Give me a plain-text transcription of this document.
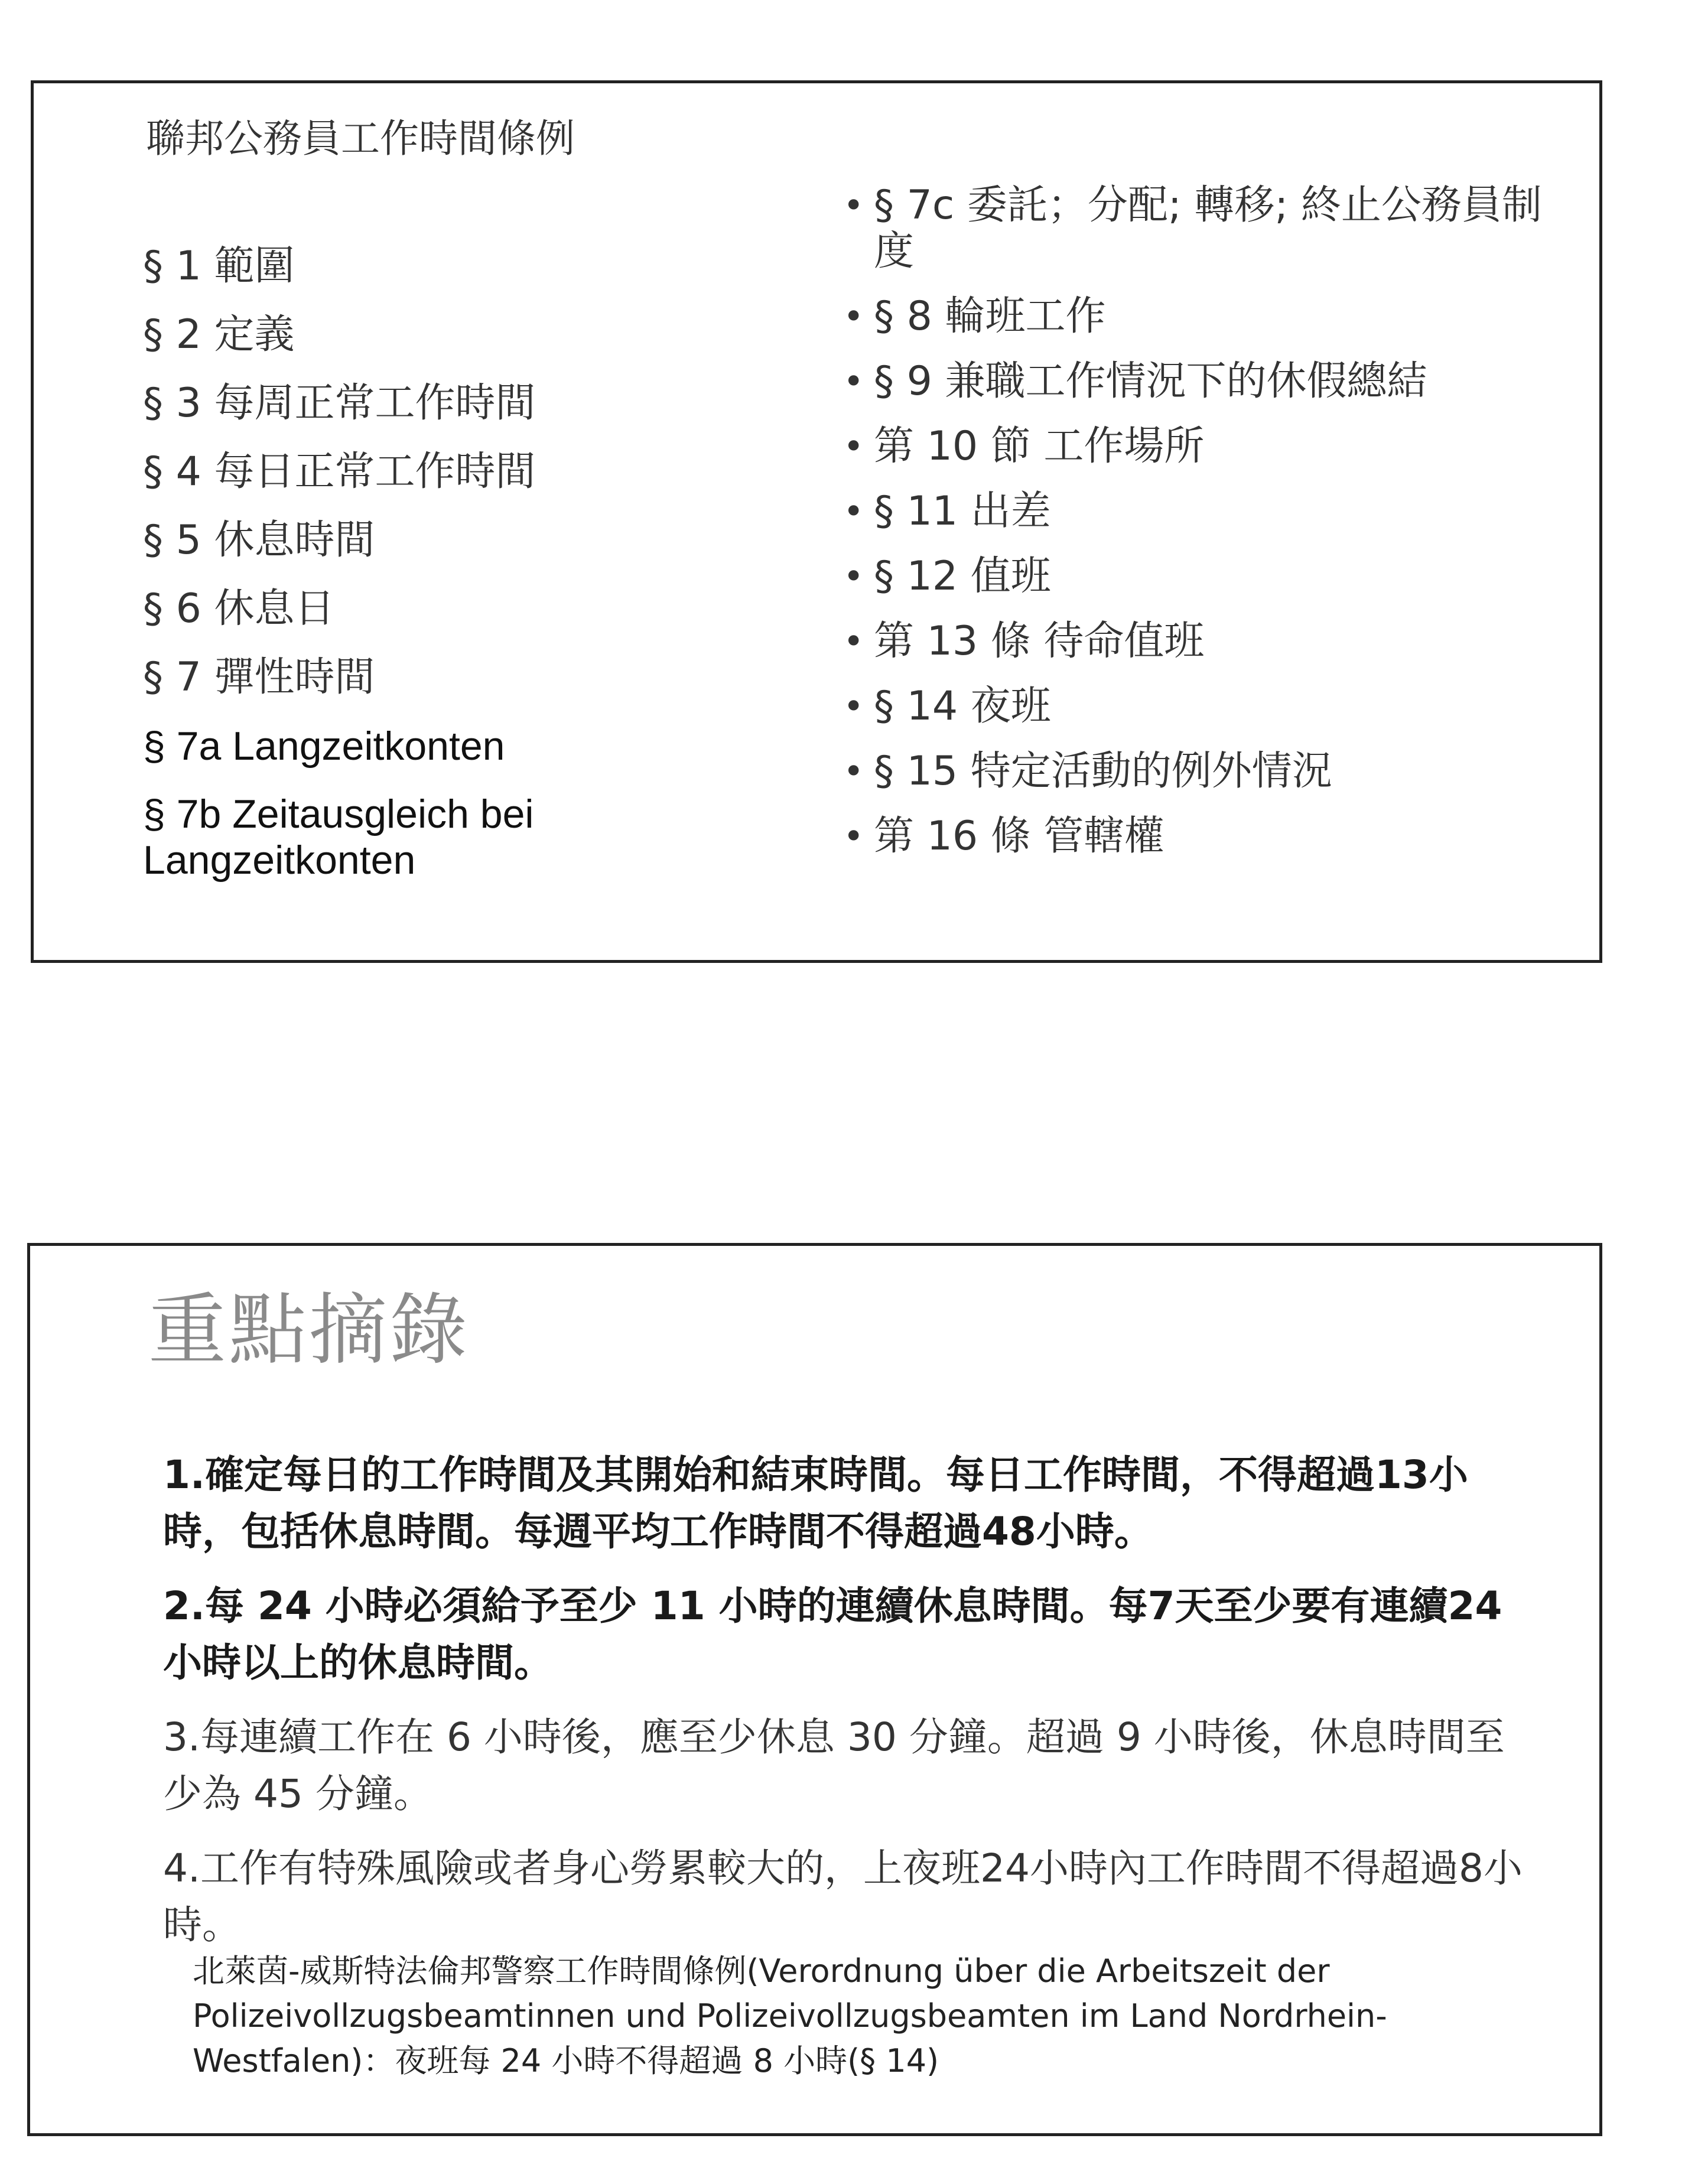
聯邦公務員工作時間條例
§ 1 範圍
§ 2 定義
§ 3 每周正常工作時間
§ 4 每日正常工作時間
§ 5 休息時間
§ 6 休息日
§ 7 彈性時間
§ 7a Langzeitkonten
§ 7b Zeitausgleich bei Langzeitkonten
• § 7c 委託；分配; 轉移; 終止公務員制度
• § 8 輪班工作
• § 9 兼職工作情況下的休假總結
• 第 10 節 工作場所
• § 11 出差
• § 12 值班
• 第 13 條 待命值班
• § 14 夜班
• § 15 特定活動的例外情況
• 第 16 條 管轄權
重點摘錄
1.確定每日的工作時間及其開始和結束時間。每日工作時間，不得超過13小時，包括休息時間。每週平均工作時間不得超過48小時。
2.每 24 小時必須給予至少 11 小時的連續休息時間。每7天至少要有連續24小時以上的休息時間。
3.每連續工作在 6 小時後，應至少休息 30 分鐘。超過 9 小時後，休息時間至少為 45 分鐘。
4.工作有特殊風險或者身心勞累較大的，上夜班24小時內工作時間不得超過8小時。
北萊茵-威斯特法倫邦警察工作時間條例(Verordnung über die Arbeitszeit der Polizeivollzugsbeamtinnen und Polizeivollzugsbeamten im Land Nordrhein-Westfalen)：夜班每 24 小時不得超過 8 小時(§ 14)
